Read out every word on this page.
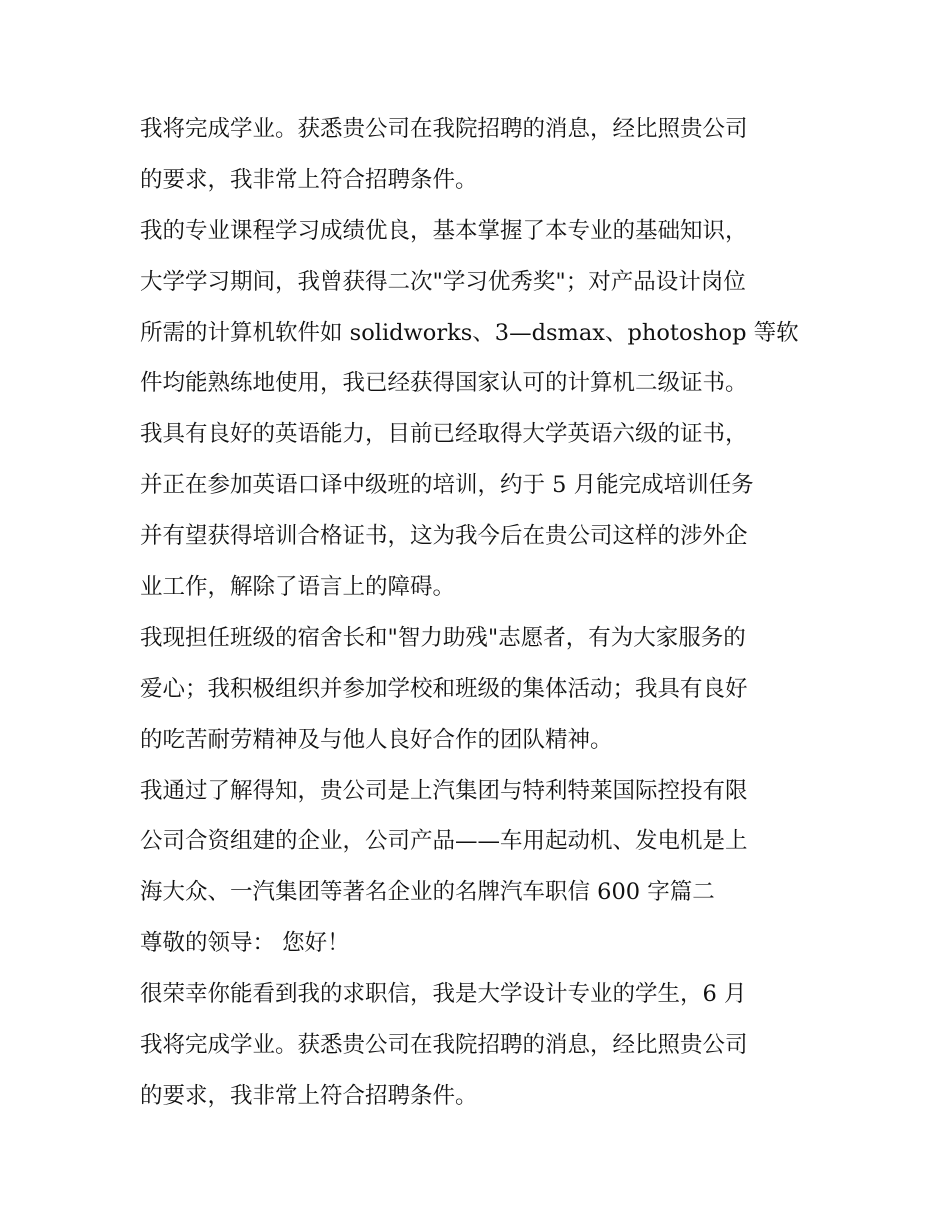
我将完成学业。获悉贵公司在我院招聘的消息，经比照贵公司
的要求，我非常上符合招聘条件。
我的专业课程学习成绩优良，基本掌握了本专业的基础知识，
大学学习期间，我曾获得二次"学习优秀奖"；对产品设计岗位
所需的计算机软件如 solidworks、3—dsmax、photoshop 等软
件均能熟练地使用，我已经获得国家认可的计算机二级证书。
我具有良好的英语能力，目前已经取得大学英语六级的证书，
并正在参加英语口译中级班的培训，约于 5 月能完成培训任务
并有望获得培训合格证书，这为我今后在贵公司这样的涉外企
业工作，解除了语言上的障碍。
我现担任班级的宿舍长和"智力助残"志愿者，有为大家服务的
爱心；我积极组织并参加学校和班级的集体活动；我具有良好
的吃苦耐劳精神及与他人良好合作的团队精神。
我通过了解得知，贵公司是上汽集团与特利特莱国际控投有限
公司合资组建的企业，公司产品——车用起动机、发电机是上
海大众、一汽集团等著名企业的名牌汽车职信 600 字篇二
尊敬的领导： 您好！
很荣幸你能看到我的求职信，我是大学设计专业的学生，6 月
我将完成学业。获悉贵公司在我院招聘的消息，经比照贵公司
的要求，我非常上符合招聘条件。
